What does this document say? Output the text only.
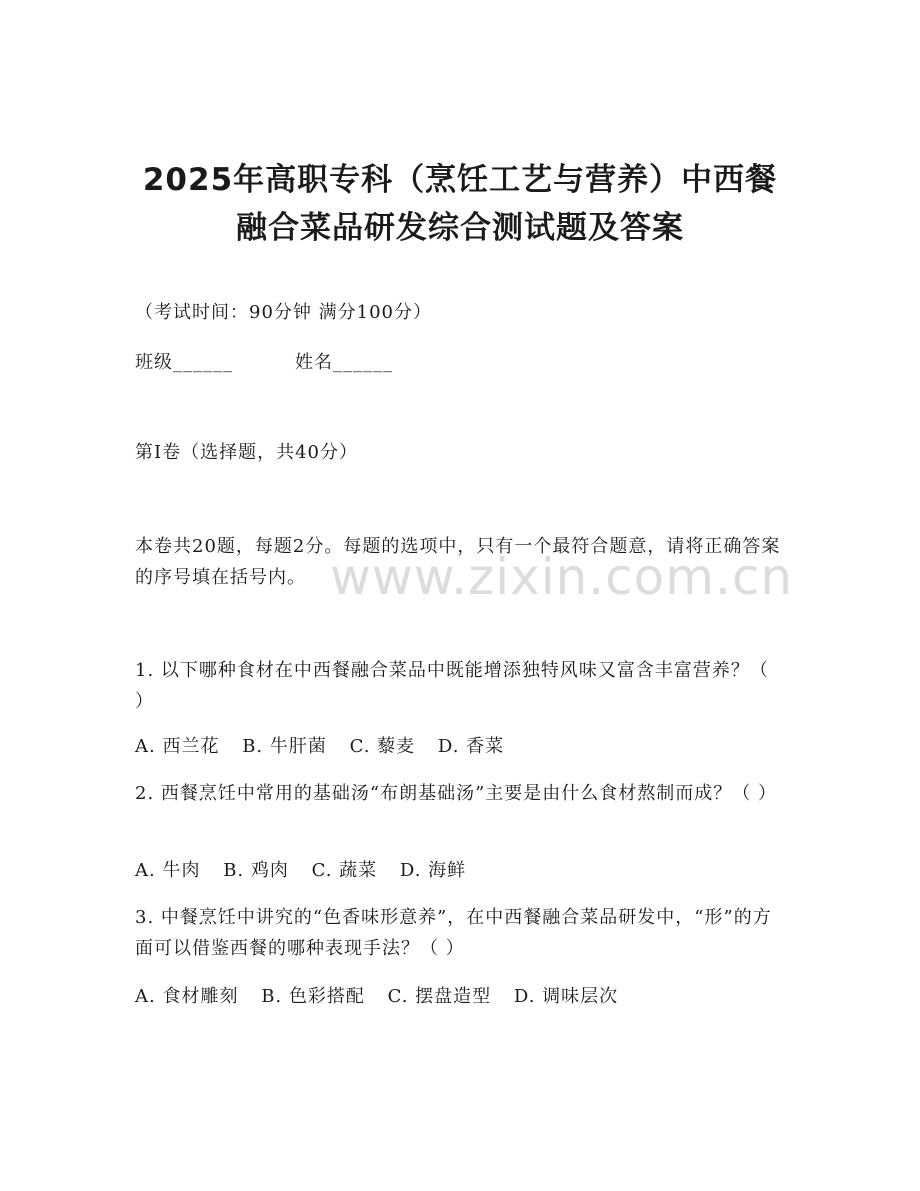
2025年高职专科（烹饪工艺与营养）中西餐
融合菜品研发综合测试题及答案
（考试时间：90分钟 满分100分）
班级______	姓名______
第I卷（选择题，共40分）
本卷共20题，每题2分。每题的选项中，只有一个最符合题意，请将正确答案的序号填在括号内。
1. 以下哪种食材在中西餐融合菜品中既能增添独特风味又富含丰富营养？（ ）
A. 西兰花 B. 牛肝菌 C. 藜麦 D. 香菜
2. 西餐烹饪中常用的基础汤“布朗基础汤”主要是由什么食材熬制而成？（ ）
A. 牛肉 B. 鸡肉 C. 蔬菜 D. 海鲜
3. 中餐烹饪中讲究的“色香味形意养”，在中西餐融合菜品研发中，“形”的方面可以借鉴西餐的哪种表现手法？（ ）
A. 食材雕刻 B. 色彩搭配 C. 摆盘造型 D. 调味层次
www.zixin.com.cn
